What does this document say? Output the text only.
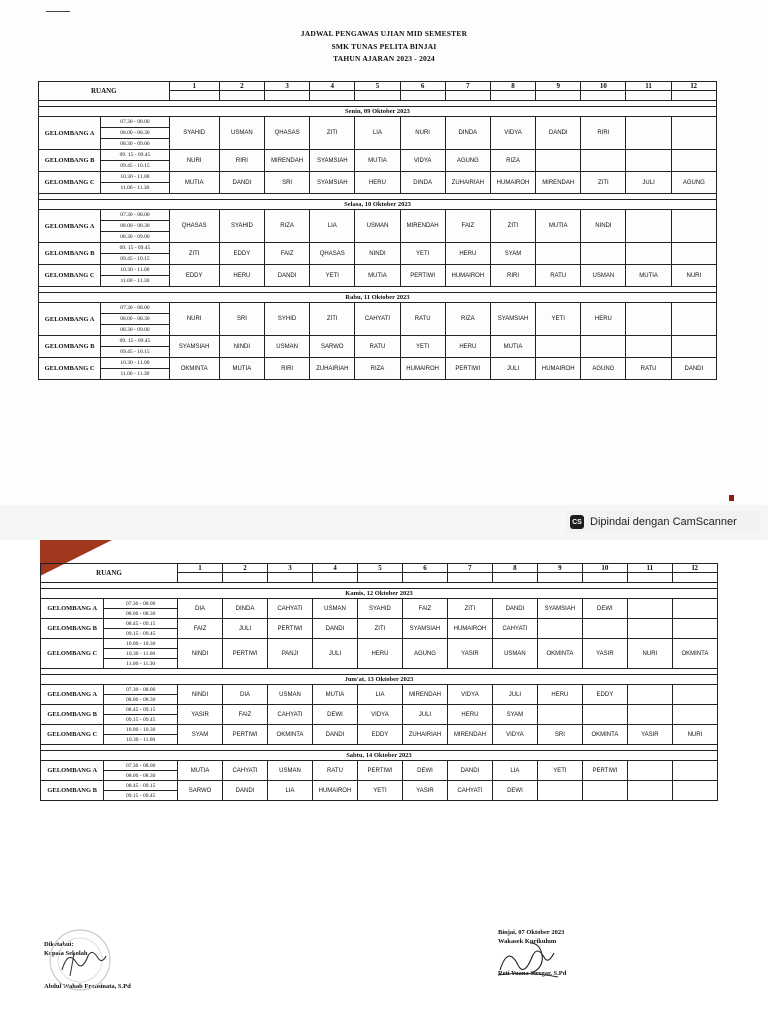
JADWAL PENGAWAS UJIAN MID SEMESTER
SMK TUNAS PELITA BINJAI
TAHUN AJARAN 2023 - 2024
RUANG		1	2	3	4	5	6	7	8	9	10	11	I2

Senin, 09 Oktober 2023													
GELOMBANG A	07.30 - 08.00	SYAHID	USMAN	QHASAS	ZITI	LIA	NURI	DINDA	VIDYA	DANDI	RIRI		
	08.00 - 08.30												
	08.30 - 09.00												
GELOMBANG B	09. 15 - 09.45	NURI	RIRI	MIRENDAH	SYAMSIAH	MUTIA	VIDYA	AGUNG	RIZA				
	09.45 - 10.15												
GELOMBANG C	10.30 - 11.00	MUTIA	DANDI	SRI	SYAMSIAH	HERU	DINDA	ZUHAIRIAH	HUMAIROH	MIRENDAH	ZITI	JULI	AGUNG
	11.00 - 11.30												

Selasa, 10 Oktober 2023													
GELOMBANG A	07.30 - 08.00	QHASAS	SYAHID	RIZA	LIA	USMAN	MIRENDAH	FAIZ	ZITI	MUTIA	NINDI		
	08.00 - 08.30												
	08.30 - 09.00												
GELOMBANG B	09. 15 - 09.45	ZITI	EDDY	FAIZ	QHASAS	NINDI	YETI	HERU	SYAM				
	09.45 - 10.15												
GELOMBANG C	10.30 - 11.00	EDDY	HERU	DANDI	YETI	MUTIA	PERTIWI	HUMAIROH	RIRI	RATU	USMAN	MUTIA	NURI
	11.00 - 11.30												

Rabu, 11 Oktober 2023													
GELOMBANG A	07.30 - 08.00	NURI	SRI	SYHID	ZITI	CAHYATI	RATU	RIZA	SYAMSIAH	YETI	HERU		
	08.00 - 08.30												
	08.30 - 09.00												
GELOMBANG B	09. 15 - 09.45	SYAMSIAH	NINDI	USMAN	SARWO	RATU	YETI	HERU	MUTIA				
	09.45 - 10.15												
GELOMBANG C	10.30 - 11.00	OKMINTA	MUTIA	RIRI	ZUHAIRIAH	RIZA	HUMAIROH	PERTIWI	JULI	HUMAIROH	AGUNG	RATU	DANDI
	11.00 - 11.30												
CS Dipindai dengan CamScanner
RUANG		1	2	3	4	5	6	7	8	9	10	11	I2

Kamis, 12 Oktober 2023													
GELOMBANG A	07.30 - 08.00	DIA	DINDA	CAHYATI	USMAN	SYAHID	FAIZ	ZITI	DANDI	SYAMSIAH	DEWI		
	08.00 - 08.30												
GELOMBANG B	08.45 - 09.15	FAIZ	JULI	PERTIWI	DANDI	ZITI	SYAMSIAH	HUMAIROH	CAHYATI				
	09.15 - 09.45												
GELOMBANG C	10.00 - 10.30	NINDI	PERTIWI	PANJI	JULI	HERU	AGUNG	YASIR	USMAN	OKMINTA	YASIR	NURI	OKMINTA
	10.30 - 11.00												
	11.00 - 11.30												

Jum'at, 13 Oktober 2023													
GELOMBANG A	07.30 - 08.00	NINDI	DIA	USMAN	MUTIA	LIA	MIRENDAH	VIDYA	JULI	HERU	EDDY		
	08.00 - 08.30												
GELOMBANG B	08.45 - 09.15	YASIR	FAIZ	CAHYATI	DEWI	VIDYA	JULI	HERU	SYAM				
	09.15 - 09.45												
GELOMBANG C	10.00 - 10.30	SYAM	PERTIWI	OKMINTA	DANDI	EDDY	ZUHAIRIAH	MIRENDAH	VIDYA	SRI	OKMINTA	YASIR	NURI
	10.30 - 11.00												

Sabtu, 14 Oktober 2023													
GELOMBANG A	07.30 - 08.00	MUTIA	CAHYATI	USMAN	RATU	PERTIWI	DEWI	DANDI	LIA	YETI	PERTIWI		
	08.00 - 08.30												
GELOMBANG B	08.45 - 09.15	SARWO	DANDI	LIA	HUMAIROH	YETI	YASIR	CAHYATI	DEWI				
	09.15 - 09.45												
Diketahui:
Kepala Sekolah
Abdul Wahab Fransinata, S.Pd
Binjai, 07 Oktober 2023
Wakasek Kurikulum
Reti Yuana Siregar, S.Pd
